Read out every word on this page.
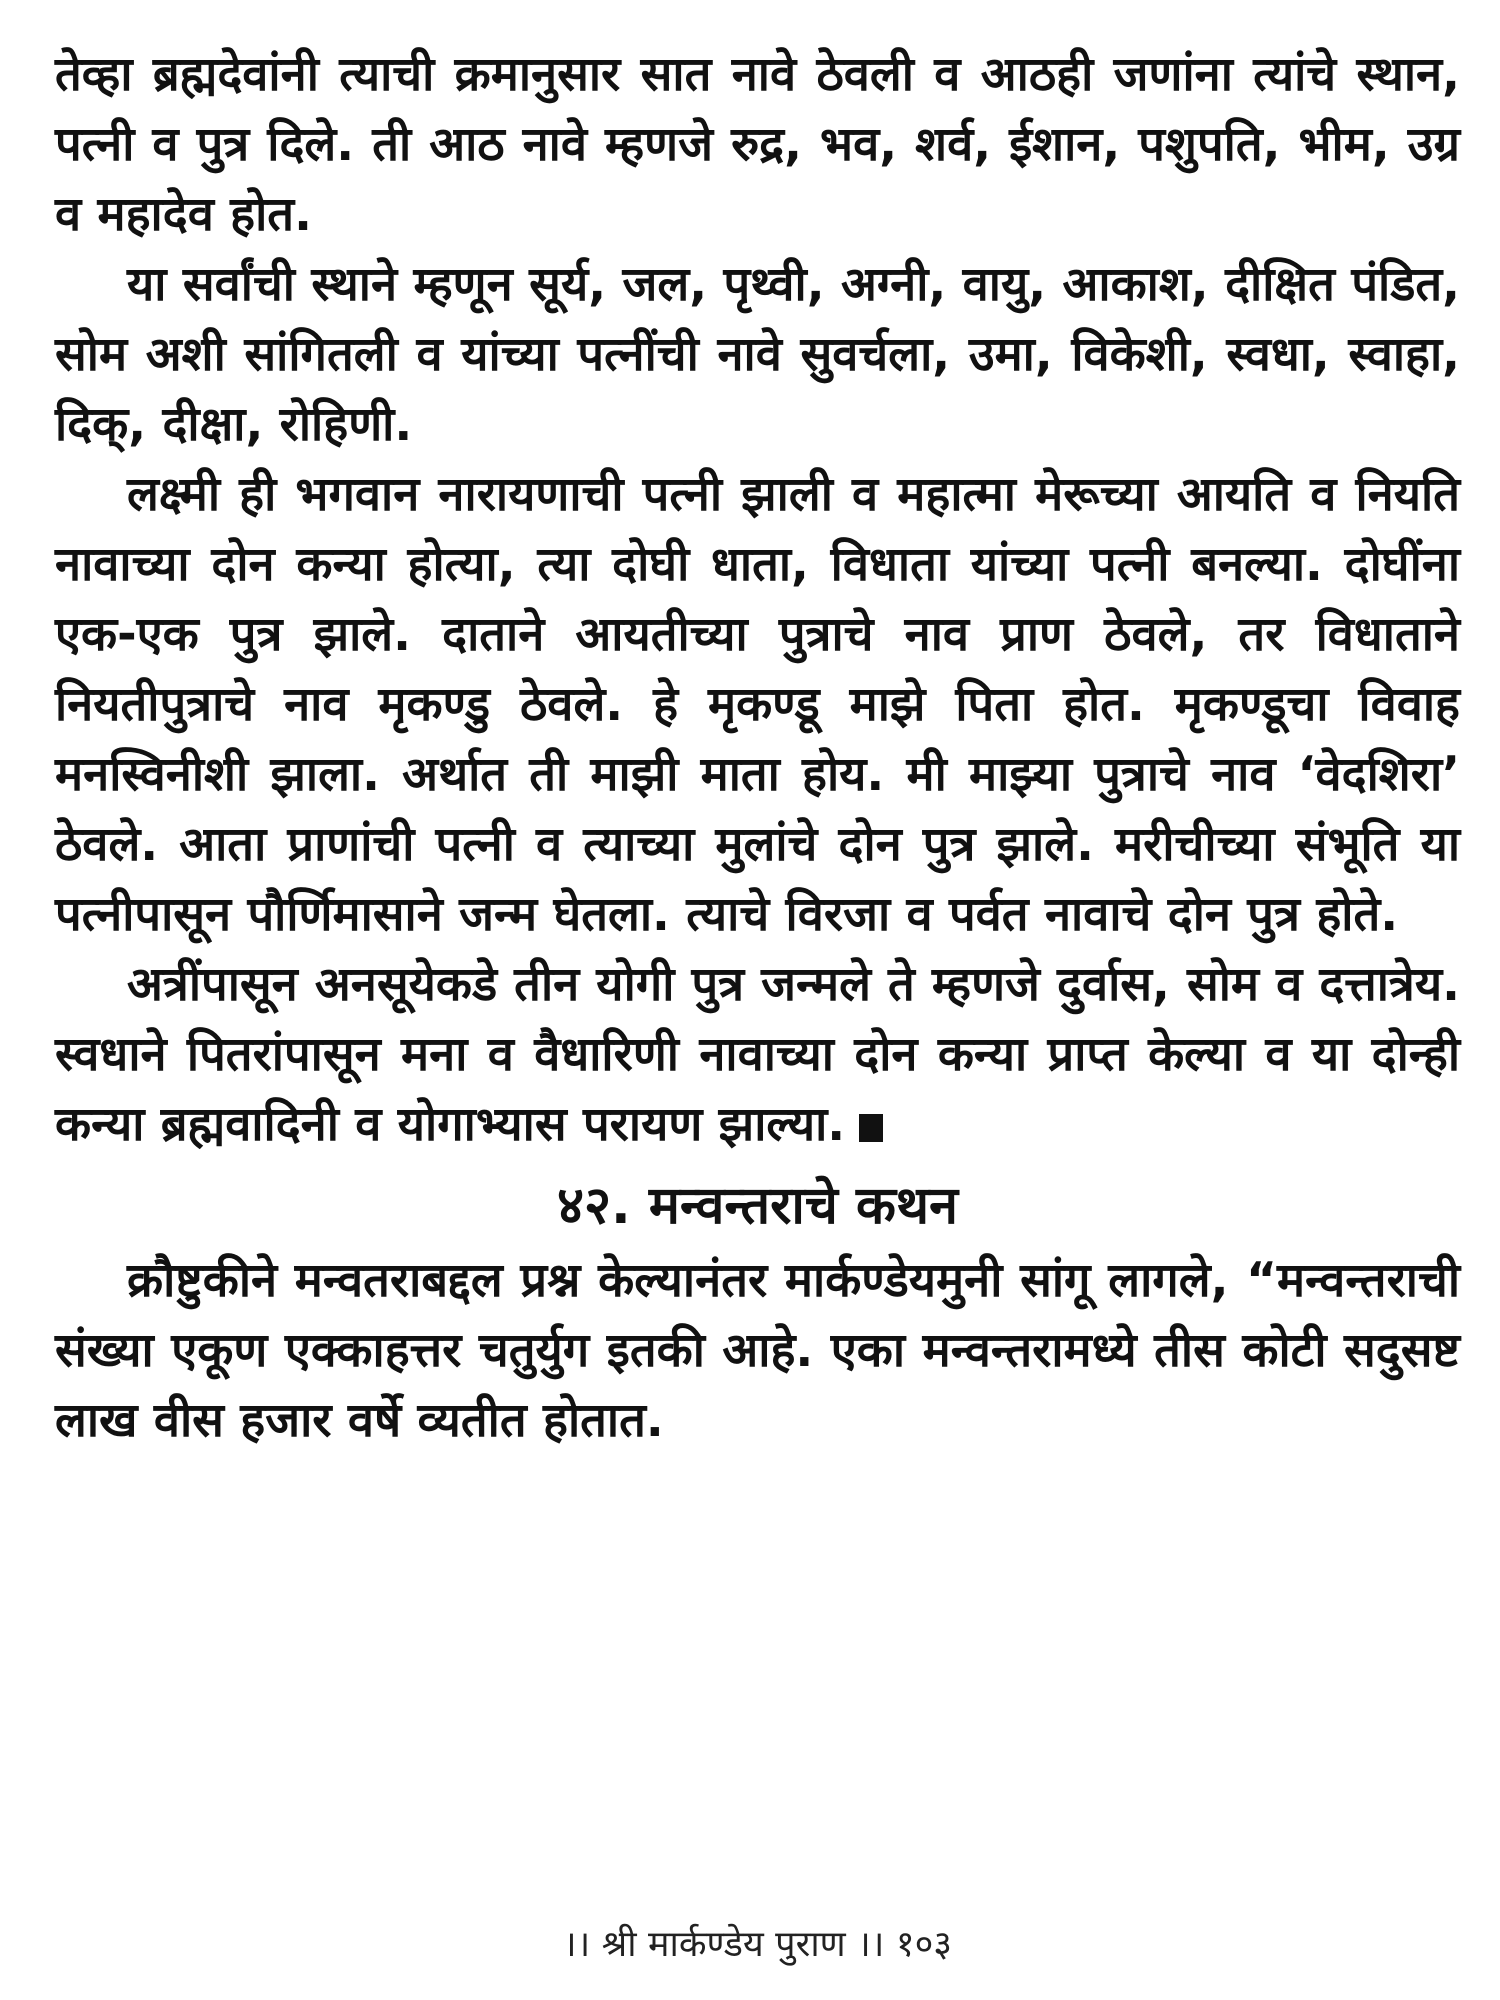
तेव्हा ब्रह्मदेवांनी त्याची क्रमानुसार सात नावे ठेवली व आठही जणांना त्यांचे स्थान, पत्नी व पुत्र दिले. ती आठ नावे म्हणजे रुद्र, भव, शर्व, ईशान, पशुपति, भीम, उग्र व महादेव होत.

या सर्वांची स्थाने म्हणून सूर्य, जल, पृथ्वी, अग्नी, वायु, आकाश, दीक्षित पंडित, सोम अशी सांगितली व यांच्या पत्नींची नावे सुवर्चला, उमा, विकेशी, स्वधा, स्वाहा, दिक्, दीक्षा, रोहिणी.

लक्ष्मी ही भगवान नारायणाची पत्नी झाली व महात्मा मेरूच्या आयति व नियति नावाच्या दोन कन्या होत्या, त्या दोघी धाता, विधाता यांच्या पत्नी बनल्या. दोघींना एक-एक पुत्र झाले. दाताने आयतीच्या पुत्राचे नाव प्राण ठेवले, तर विधाताने नियतीपुत्राचे नाव मृकण्डु ठेवले. हे मृकण्डू माझे पिता होत. मृकण्डूचा विवाह मनस्विनीशी झाला. अर्थात ती माझी माता होय. मी माझ्या पुत्राचे नाव ‘वेदशिरा’ ठेवले. आता प्राणांची पत्नी व त्याच्या मुलांचे दोन पुत्र झाले. मरीचीच्या संभूति या पत्नीपासून पौर्णिमासाने जन्म घेतला. त्याचे विरजा व पर्वत नावाचे दोन पुत्र होते.

अत्रींपासून अनसूयेकडे तीन योगी पुत्र जन्मले ते म्हणजे दुर्वास, सोम व दत्तात्रेय. स्वधाने पितरांपासून मना व वैधारिणी नावाच्या दोन कन्या प्राप्त केल्या व या दोन्ही कन्या ब्रह्मवादिनी व योगाभ्यास परायण झाल्या.

४२. मन्वन्तराचे कथन

क्रौष्टुकीने मन्वतराबद्दल प्रश्न केल्यानंतर मार्कण्डेयमुनी सांगू लागले, “मन्वन्तराची संख्या एकूण एक्काहत्तर चतुर्युग इतकी आहे. एका मन्वन्तरामध्ये तीस कोटी सदुसष्ट लाख वीस हजार वर्षे व्यतीत होतात.

।। श्री मार्कण्डेय पुराण ।। १०३
